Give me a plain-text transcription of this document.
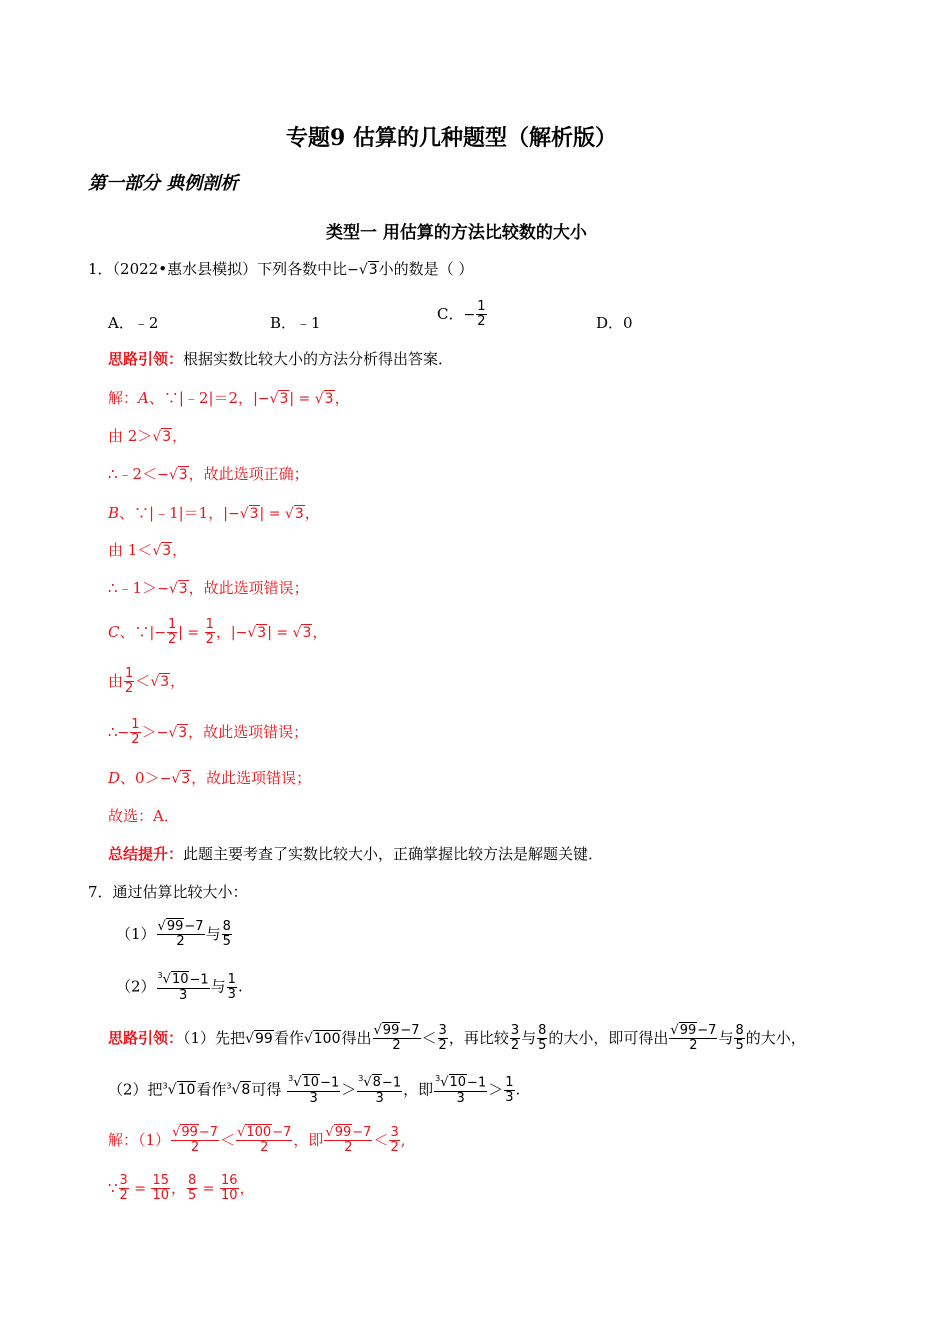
专题9 估算的几种题型（解析版）
第一部分 典例剖析
类型一 用估算的方法比较数的大小
1．（2022•惠水县模拟）下列各数中比−√3小的数是（ ）
A．﹣2	B．﹣1
C．− $\frac{1}{2}$	D．0
思路引领：根据实数比较大小的方法分析得出答案．
解：A、∵|﹣2|＝2，|−√3| = √3，
由 2＞√3，
∴﹣2＜−√3，故此选项正确；
B、∵|﹣1|＝1，|−√3| = √3，
由 1＜√3，
∴﹣1＞−√3，故此选项错误；
C、∵|− $\frac{1}{2}$ | = $\frac{1}{2}$ ，|−√3| = √3，
由 $\frac{1}{2} <√3$，
∴− $\frac{1}{2} >-√3$，故此选项错误；
D、0＞−√3，故此选项错误；
故选：A．
总结提升：此题主要考查了实数比较大小，正确掌握比较方法是解题关键．
7．通过估算比较大小：
$(1) \frac{√99-7}{2}$ 与 $\frac{8}{5}$
$(2) \frac{^3√10-1}{3}$ 与 $\frac{1}{3}$ .
思路引领：（1）先把√99看作√100得出 $\frac{√99-7}{2} < \frac{3}{2}$ ，再比较 $\frac{3}{2}$ 与 $\frac{8}{5}$ 的大小，即可得出 $\frac{√99-7}{2}$ 与 $\frac{8}{5}$ 的大小，
（2）把$^3$√10看作$^3$√8可得 $\frac{^3√10-1}{3} > \frac{^3√8-1}{3}$ ，即 $\frac{^3√10-1}{3} > \frac{1}{3}$ .
解：$(1) \frac{√99-7}{2} < \frac{√100-7}{2}$ ，即 $\frac{√99-7}{2} < \frac{3}{2}$ ,
∵ $\frac{3}{2} = \frac{15}{10}$ ， $\frac{8}{5} = \frac{16}{10}$ ，
